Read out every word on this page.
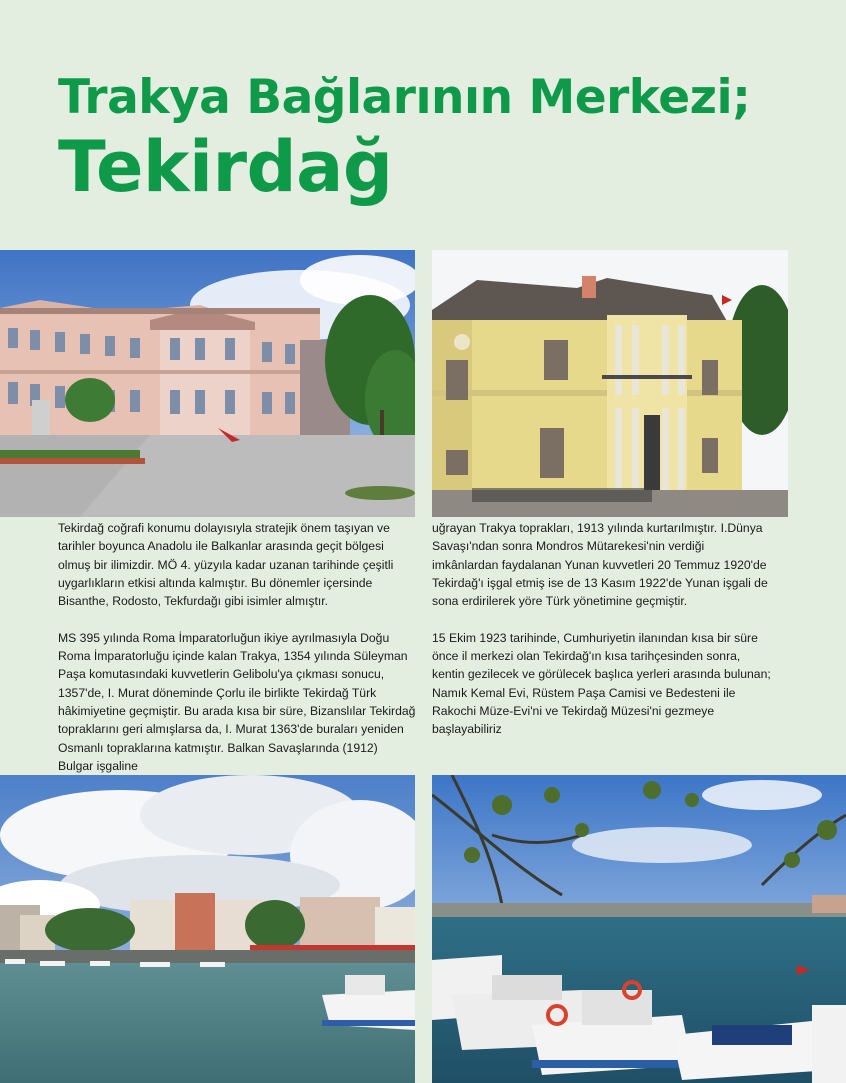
Trakya Bağlarının Merkezi;
Tekirdağ

Tekirdağ coğrafi konumu dolayısıyla stratejik önem taşıyan ve tarihler boyunca Anadolu ile Balkanlar arasında geçit bölgesi olmuş bir ilimizdir. MÖ 4. yüzyıla kadar uzanan tarihinde çeşitli uygarlıkların etkisi altında kalmıştır. Bu dönemler içersinde Bisanthe, Rodosto, Tekfurdağı gibi isimler almıştır.

MS 395 yılında Roma İmparatorluğun ikiye ayrılmasıyla Doğu Roma İmparatorluğu içinde kalan Trakya, 1354 yılında Süleyman Paşa komutasındaki kuvvetlerin Gelibolu'ya çıkması sonucu, 1357'de, I. Murat döneminde Çorlu ile birlikte Tekirdağ Türk hâkimiyetine geçmiştir. Bu arada kısa bir süre, Bizanslılar Tekirdağ topraklarını geri almışlarsa da, I. Murat 1363'de buraları yeniden Osmanlı topraklarına katmıştır. Balkan Savaşlarında (1912) Bulgar işgaline

uğrayan Trakya toprakları, 1913 yılında kurtarılmıştır. I.Dünya Savaşı'ndan sonra Mondros Mütarekesi'nin verdiği imkânlardan faydalanan Yunan kuvvetleri 20 Temmuz 1920'de Tekirdağ'ı işgal etmiş ise de 13 Kasım 1922'de Yunan işgali de sona erdirilerek yöre Türk yönetimine geçmiştir.

15 Ekim 1923 tarihinde, Cumhuriyetin ilanından kısa bir süre önce il merkezi olan Tekirdağ'ın kısa tarihçesinden sonra, kentin gezilecek ve görülecek başlıca yerleri arasında bulunan; Namık Kemal Evi, Rüstem Paşa Camisi ve Bedesteni ile Rakochi Müze-Evi'ni ve Tekirdağ Müzesi'ni gezmeye başlayabiliriz
